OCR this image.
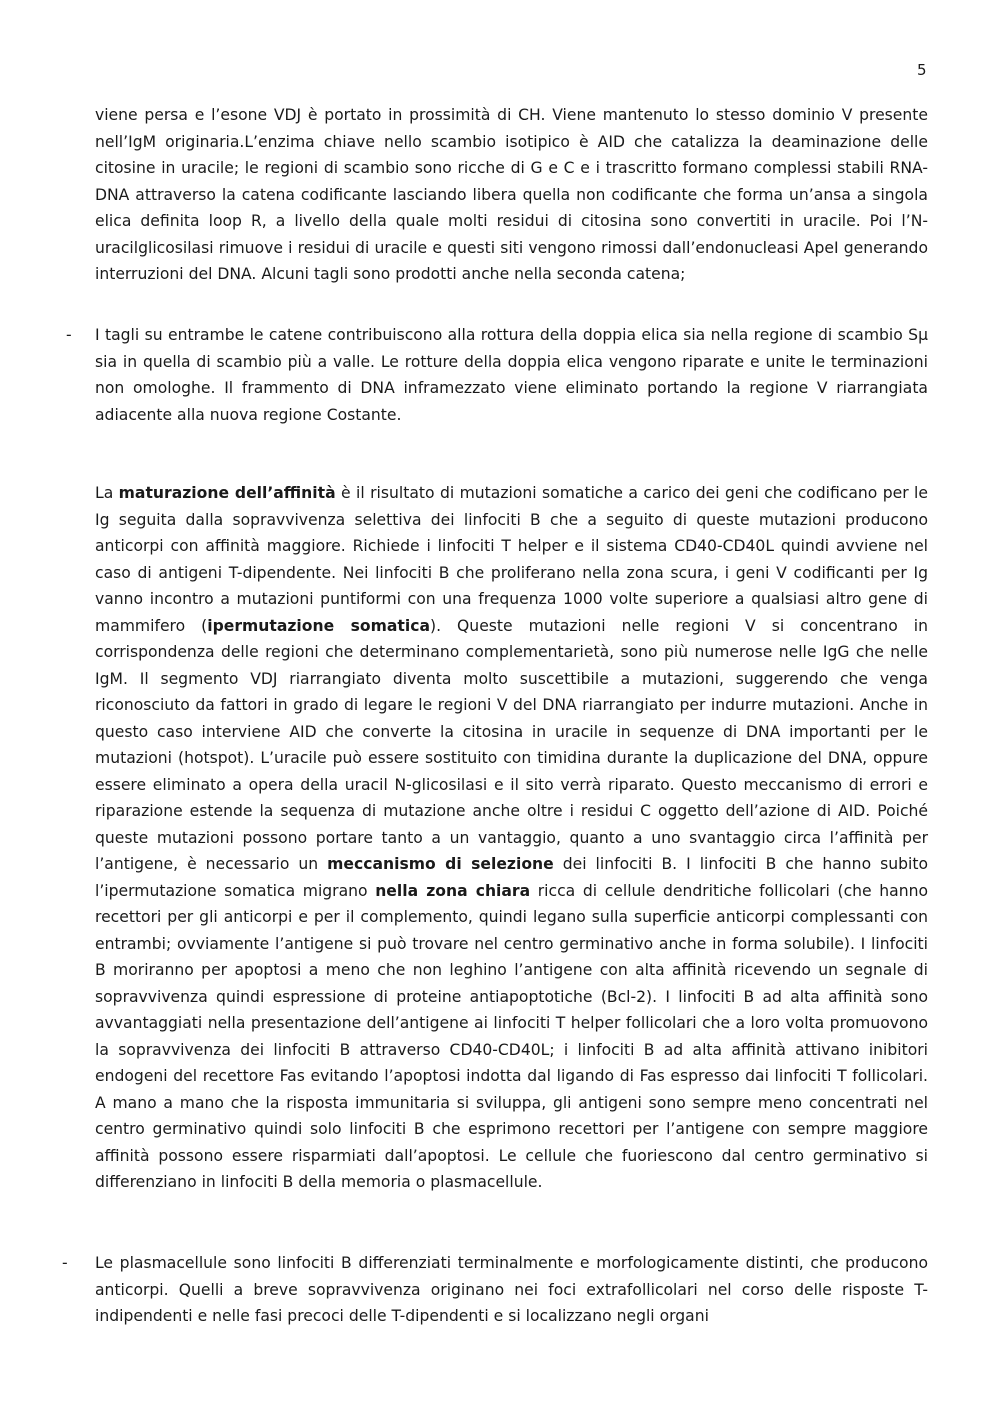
5

viene persa e l’esone VDJ è portato in prossimità di CH. Viene mantenuto lo stesso dominio V presente nell’IgM originaria.L’enzima chiave nello scambio isotipico è AID che catalizza la deaminazione delle citosine in uracile; le regioni di scambio sono ricche di G e C e i trascritto formano complessi stabili RNA-DNA attraverso la catena codificante lasciando libera quella non codificante che forma un’ansa a singola elica definita loop R, a livello della quale molti residui di citosina sono convertiti in uracile. Poi l’N-uracilglicosilasi rimuove i residui di uracile e questi siti vengono rimossi dall’endonucleasi ApeI generando interruzioni del DNA. Alcuni tagli sono prodotti anche nella seconda catena;

- I tagli su entrambe le catene contribuiscono alla rottura della doppia elica sia nella regione di scambio Sμ sia in quella di scambio più a valle. Le rotture della doppia elica vengono riparate e unite le terminazioni non omologhe. Il frammento di DNA inframezzato viene eliminato portando la regione V riarrangiata adiacente alla nuova regione Costante.

La maturazione dell’affinità è il risultato di mutazioni somatiche a carico dei geni che codificano per le Ig seguita dalla sopravvivenza selettiva dei linfociti B che a seguito di queste mutazioni producono anticorpi con affinità maggiore. Richiede i linfociti T helper e il sistema CD40-CD40L quindi avviene nel caso di antigeni T-dipendente. Nei linfociti B che proliferano nella zona scura, i geni V codificanti per Ig vanno incontro a mutazioni puntiformi con una frequenza 1000 volte superiore a qualsiasi altro gene di mammifero (ipermutazione somatica). Queste mutazioni nelle regioni V si concentrano in corrispondenza delle regioni che determinano complementarietà, sono più numerose nelle IgG che nelle IgM. Il segmento VDJ riarrangiato diventa molto suscettibile a mutazioni, suggerendo che venga riconosciuto da fattori in grado di legare le regioni V del DNA riarrangiato per indurre mutazioni. Anche in questo caso interviene AID che converte la citosina in uracile in sequenze di DNA importanti per le mutazioni (hotspot). L’uracile può essere sostituito con timidina durante la duplicazione del DNA, oppure essere eliminato a opera della uracil N-glicosilasi e il sito verrà riparato. Questo meccanismo di errori e riparazione estende la sequenza di mutazione anche oltre i residui C oggetto dell’azione di AID. Poiché queste mutazioni possono portare tanto a un vantaggio, quanto a uno svantaggio circa l’affinità per l’antigene, è necessario un meccanismo di selezione dei linfociti B. I linfociti B che hanno subito l’ipermutazione somatica migrano nella zona chiara ricca di cellule dendritiche follicolari (che hanno recettori per gli anticorpi e per il complemento, quindi legano sulla superficie anticorpi complessanti con entrambi; ovviamente l’antigene si può trovare nel centro germinativo anche in forma solubile). I linfociti B moriranno per apoptosi a meno che non leghino l’antigene con alta affinità ricevendo un segnale di sopravvivenza quindi espressione di proteine antiapoptotiche (Bcl-2). I linfociti B ad alta affinità sono avvantaggiati nella presentazione dell’antigene ai linfociti T helper follicolari che a loro volta promuovono la sopravvivenza dei linfociti B attraverso CD40-CD40L; i linfociti B ad alta affinità attivano inibitori endogeni del recettore Fas evitando l’apoptosi indotta dal ligando di Fas espresso dai linfociti T follicolari. A mano a mano che la risposta immunitaria si sviluppa, gli antigeni sono sempre meno concentrati nel centro germinativo quindi solo linfociti B che esprimono recettori per l’antigene con sempre maggiore affinità possono essere risparmiati dall’apoptosi. Le cellule che fuoriescono dal centro germinativo si differenziano in linfociti B della memoria o plasmacellule.

- Le plasmacellule sono linfociti B differenziati terminalmente e morfologicamente distinti, che producono anticorpi. Quelli a breve sopravvivenza originano nei foci extrafollicolari nel corso delle risposte T-indipendenti e nelle fasi precoci delle T-dipendenti e si localizzano negli organi
